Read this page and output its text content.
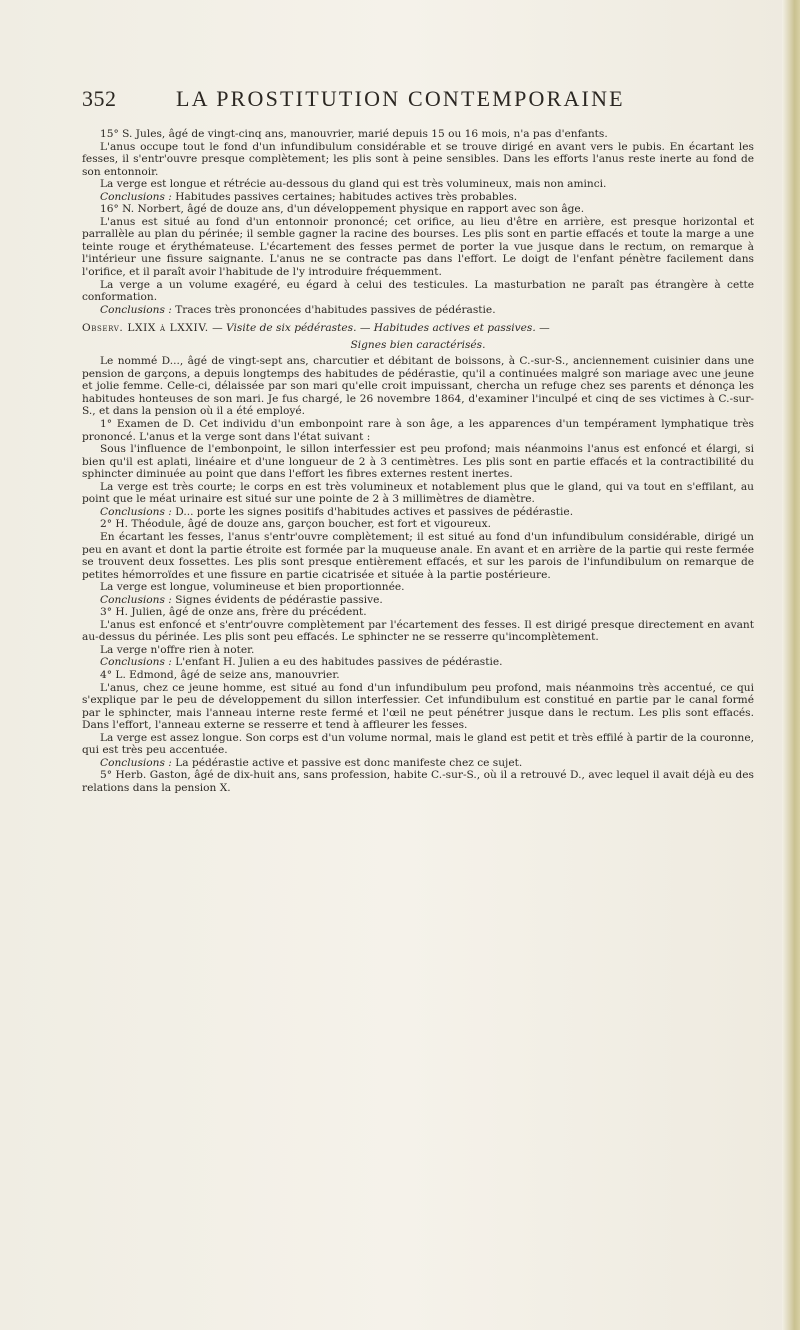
352	LA PROSTITUTION CONTEMPORAINE

15° S. Jules, âgé de vingt-cinq ans, manouvrier, marié depuis 15 ou 16 mois, n'a pas d'enfants.

L'anus occupe tout le fond d'un infundibulum considérable et se trouve dirigé en avant vers le pubis. En écartant les fesses, il s'entr'ouvre presque complètement; les plis sont à peine sensibles. Dans les efforts l'anus reste inerte au fond de son entonnoir.

La verge est longue et rétrécie au-dessous du gland qui est très volumineux, mais non aminci.

Conclusions : Habitudes passives certaines; habitudes actives très probables.

16° N. Norbert, âgé de douze ans, d'un développement physique en rapport avec son âge.

L'anus est situé au fond d'un entonnoir prononcé; cet orifice, au lieu d'être en arrière, est presque horizontal et parrallèle au plan du périnée; il semble gagner la racine des bourses. Les plis sont en partie effacés et toute la marge a une teinte rouge et érythémateuse. L'écartement des fesses permet de porter la vue jusque dans le rectum, on remarque à l'intérieur une fissure saignante. L'anus ne se contracte pas dans l'effort. Le doigt de l'enfant pénètre facilement dans l'orifice, et il paraît avoir l'habitude de l'y introduire fréquemment.

La verge a un volume exagéré, eu égard à celui des testicules. La masturbation ne paraît pas étrangère à cette conformation.

Conclusions : Traces très prononcées d'habitudes passives de pédérastie.

Observ. LXIX à LXXIV. — Visite de six pédérastes. — Habitudes actives et passives. —

Signes bien caractérisés.

Le nommé D..., âgé de vingt-sept ans, charcutier et débitant de boissons, à C.-sur-S., anciennement cuisinier dans une pension de garçons, a depuis longtemps des habitudes de pédérastie, qu'il a continuées malgré son mariage avec une jeune et jolie femme. Celle-ci, délaissée par son mari qu'elle croit impuissant, chercha un refuge chez ses parents et dénonça les habitudes honteuses de son mari. Je fus chargé, le 26 novembre 1864, d'examiner l'inculpé et cinq de ses victimes à C.-sur-S., et dans la pension où il a été employé.

1° Examen de D. Cet individu d'un embonpoint rare à son âge, a les apparences d'un tempérament lymphatique très prononcé. L'anus et la verge sont dans l'état suivant :

Sous l'influence de l'embonpoint, le sillon interfessier est peu profond; mais néanmoins l'anus est enfoncé et élargi, si bien qu'il est aplati, linéaire et d'une longueur de 2 à 3 centimètres. Les plis sont en partie effacés et la contractibilité du sphincter diminuée au point que dans l'effort les fibres externes restent inertes.

La verge est très courte; le corps en est très volumineux et notablement plus que le gland, qui va tout en s'effilant, au point que le méat urinaire est situé sur une pointe de 2 à 3 millimètres de diamètre.

Conclusions : D... porte les signes positifs d'habitudes actives et passives de pédérastie.

2° H. Théodule, âgé de douze ans, garçon boucher, est fort et vigoureux.

En écartant les fesses, l'anus s'entr'ouvre complètement; il est situé au fond d'un infundibulum considérable, dirigé un peu en avant et dont la partie étroite est formée par la muqueuse anale. En avant et en arrière de la partie qui reste fermée se trouvent deux fossettes. Les plis sont presque entièrement effacés, et sur les parois de l'infundibulum on remarque de petites hémorroïdes et une fissure en partie cicatrisée et située à la partie postérieure.

La verge est longue, volumineuse et bien proportionnée.

Conclusions : Signes évidents de pédérastie passive.

3° H. Julien, âgé de onze ans, frère du précédent.

L'anus est enfoncé et s'entr'ouvre complètement par l'écartement des fesses. Il est dirigé presque directement en avant au-dessus du périnée. Les plis sont peu effacés. Le sphincter ne se resserre qu'incomplètement.

La verge n'offre rien à noter.

Conclusions : L'enfant H. Julien a eu des habitudes passives de pédérastie.

4° L. Edmond, âgé de seize ans, manouvrier.

L'anus, chez ce jeune homme, est situé au fond d'un infundibulum peu profond, mais néanmoins très accentué, ce qui s'explique par le peu de développement du sillon interfessier. Cet infundibulum est constitué en partie par le canal formé par le sphincter, mais l'anneau interne reste fermé et l'œil ne peut pénétrer jusque dans le rectum. Les plis sont effacés. Dans l'effort, l'anneau externe se resserre et tend à affleurer les fesses.

La verge est assez longue. Son corps est d'un volume normal, mais le gland est petit et très effilé à partir de la couronne, qui est très peu accentuée.

Conclusions : La pédérastie active et passive est donc manifeste chez ce sujet.

5° Herb. Gaston, âgé de dix-huit ans, sans profession, habite C.-sur-S., où il a retrouvé D., avec lequel il avait déjà eu des relations dans la pension X.
